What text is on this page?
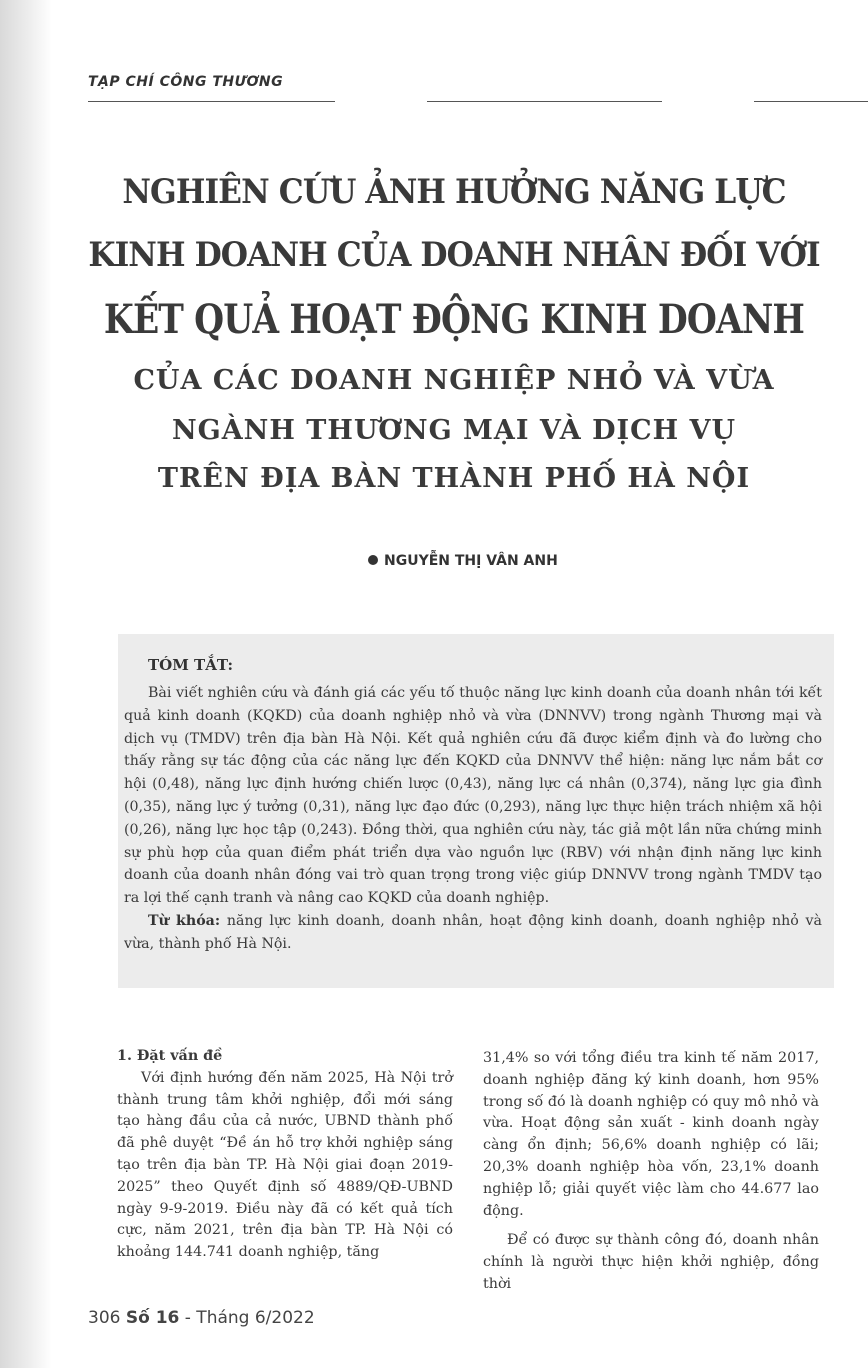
TẠP CHÍ CÔNG THƯƠNG
NGHIÊN CỨU ẢNH HƯỞNG NĂNG LỰC
KINH DOANH CỦA DOANH NHÂN ĐỐI VỚI
KẾT QUẢ HOẠT ĐỘNG KINH DOANH
CỦA CÁC DOANH NGHIỆP NHỎ VÀ VỪA
NGÀNH THƯƠNG MẠI VÀ DỊCH VỤ
TRÊN ĐỊA BÀN THÀNH PHỐ HÀ NỘI
NGUYỄN THỊ VÂN ANH
TÓM TẮT:

Bài viết nghiên cứu và đánh giá các yếu tố thuộc năng lực kinh doanh của doanh nhân tới kết quả kinh doanh (KQKD) của doanh nghiệp nhỏ và vừa (DNNVV) trong ngành Thương mại và dịch vụ (TMDV) trên địa bàn Hà Nội. Kết quả nghiên cứu đã được kiểm định và đo lường cho thấy rằng sự tác động của các năng lực đến KQKD của DNNVV thể hiện: năng lực nắm bắt cơ hội (0,48), năng lực định hướng chiến lược (0,43), năng lực cá nhân (0,374), năng lực gia đình (0,35), năng lực ý tưởng (0,31), năng lực đạo đức (0,293), năng lực thực hiện trách nhiệm xã hội (0,26), năng lực học tập (0,243). Đồng thời, qua nghiên cứu này, tác giả một lần nữa chứng minh sự phù hợp của quan điểm phát triển dựa vào nguồn lực (RBV) với nhận định năng lực kinh doanh của doanh nhân đóng vai trò quan trọng trong việc giúp DNNVV trong ngành TMDV tạo ra lợi thế cạnh tranh và nâng cao KQKD của doanh nghiệp.

Từ khóa: năng lực kinh doanh, doanh nhân, hoạt động kinh doanh, doanh nghiệp nhỏ và vừa, thành phố Hà Nội.

1. Đặt vấn đề

Với định hướng đến năm 2025, Hà Nội trở thành trung tâm khởi nghiệp, đổi mới sáng tạo hàng đầu của cả nước, UBND thành phố đã phê duyệt “Đề án hỗ trợ khởi nghiệp sáng tạo trên địa bàn TP. Hà Nội giai đoạn 2019-2025” theo Quyết định số 4889/QĐ-UBND ngày 9-9-2019. Điều này đã có kết quả tích cực, năm 2021, trên địa bàn TP. Hà Nội có khoảng 144.741 doanh nghiệp, tăng

31,4% so với tổng điều tra kinh tế năm 2017, doanh nghiệp đăng ký kinh doanh, hơn 95% trong số đó là doanh nghiệp có quy mô nhỏ và vừa. Hoạt động sản xuất - kinh doanh ngày càng ổn định; 56,6% doanh nghiệp có lãi; 20,3% doanh nghiệp hòa vốn, 23,1% doanh nghiệp lỗ; giải quyết việc làm cho 44.677 lao động.

Để có được sự thành công đó, doanh nhân chính là người thực hiện khởi nghiệp, đồng thời

306 Số 16 - Tháng 6/2022
